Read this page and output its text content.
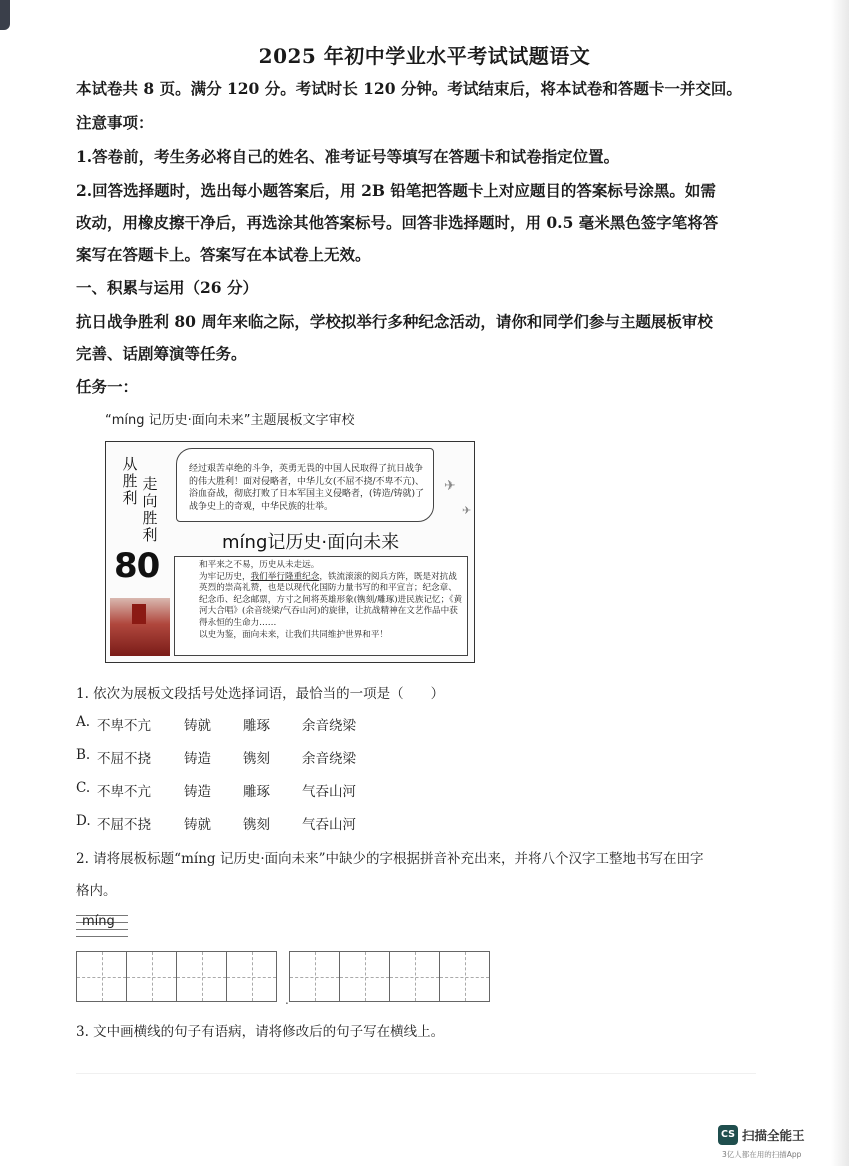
2025 年初中学业水平考试试题语文
本试卷共 8 页。满分 120 分。考试时长 120 分钟。考试结束后，将本试卷和答题卡一并交回。
注意事项：
1.答卷前，考生务必将自己的姓名、准考证号等填写在答题卡和试卷指定位置。
2.回答选择题时，选出每小题答案后，用 2B 铅笔把答题卡上对应题目的答案标号涂黑。如需
改动，用橡皮擦干净后，再选涂其他答案标号。回答非选择题时，用 0.5 毫米黑色签字笔将答
案写在答题卡上。答案写在本试卷上无效。
一、积累与运用（26 分）
抗日战争胜利 80 周年来临之际，学校拟举行多种纪念活动，请你和同学们参与主题展板审校
完善、话剧筹演等任务。
任务一：
“míng 记历史·面向未来”主题展板文字审校
从胜利
走向胜利
80
经过艰苦卓绝的斗争，英勇无畏的中国人民取得了抗日战争的伟大胜利！面对侵略者，中华儿女(不屈不挠/不卑不亢)、浴血奋战，彻底打败了日本军国主义侵略者，(铸造/铸就)了战争史上的奇观，中华民族的壮举。
✈
✈
míng记历史·面向未来
和平来之不易，历史从未走远。
为牢记历史，我们举行隆重纪念，铁流滚滚的阅兵方阵，既是对抗战英烈的崇高礼赞，也是以现代化国防力量书写的和平宣言；纪念章、纪念币、纪念邮票，方寸之间将英雄形象(镌刻/雕琢)进民族记忆；《黄河大合唱》(余音绕梁/气吞山河)的旋律，让抗战精神在文艺作品中获得永恒的生命力……
以史为鉴，面向未来，让我们共同维护世界和平！
1. 依次为展板文段括号处选择词语，最恰当的一项是（　　）
A. 不卑不亢 铸就 雕琢 余音绕梁
B. 不屈不挠 铸造 镌刻 余音绕梁
C. 不卑不亢 铸造 雕琢 气吞山河
D. 不屈不挠 铸就 镌刻 气吞山河
2. 请将展板标题“míng 记历史·面向未来”中缺少的字根据拼音补充出来，并将八个汉字工整地书写在田字
格内。
míng
.
3. 文中画横线的句子有语病，请将修改后的句子写在横线上。
CS 扫描全能王
3亿人都在用的扫描App
